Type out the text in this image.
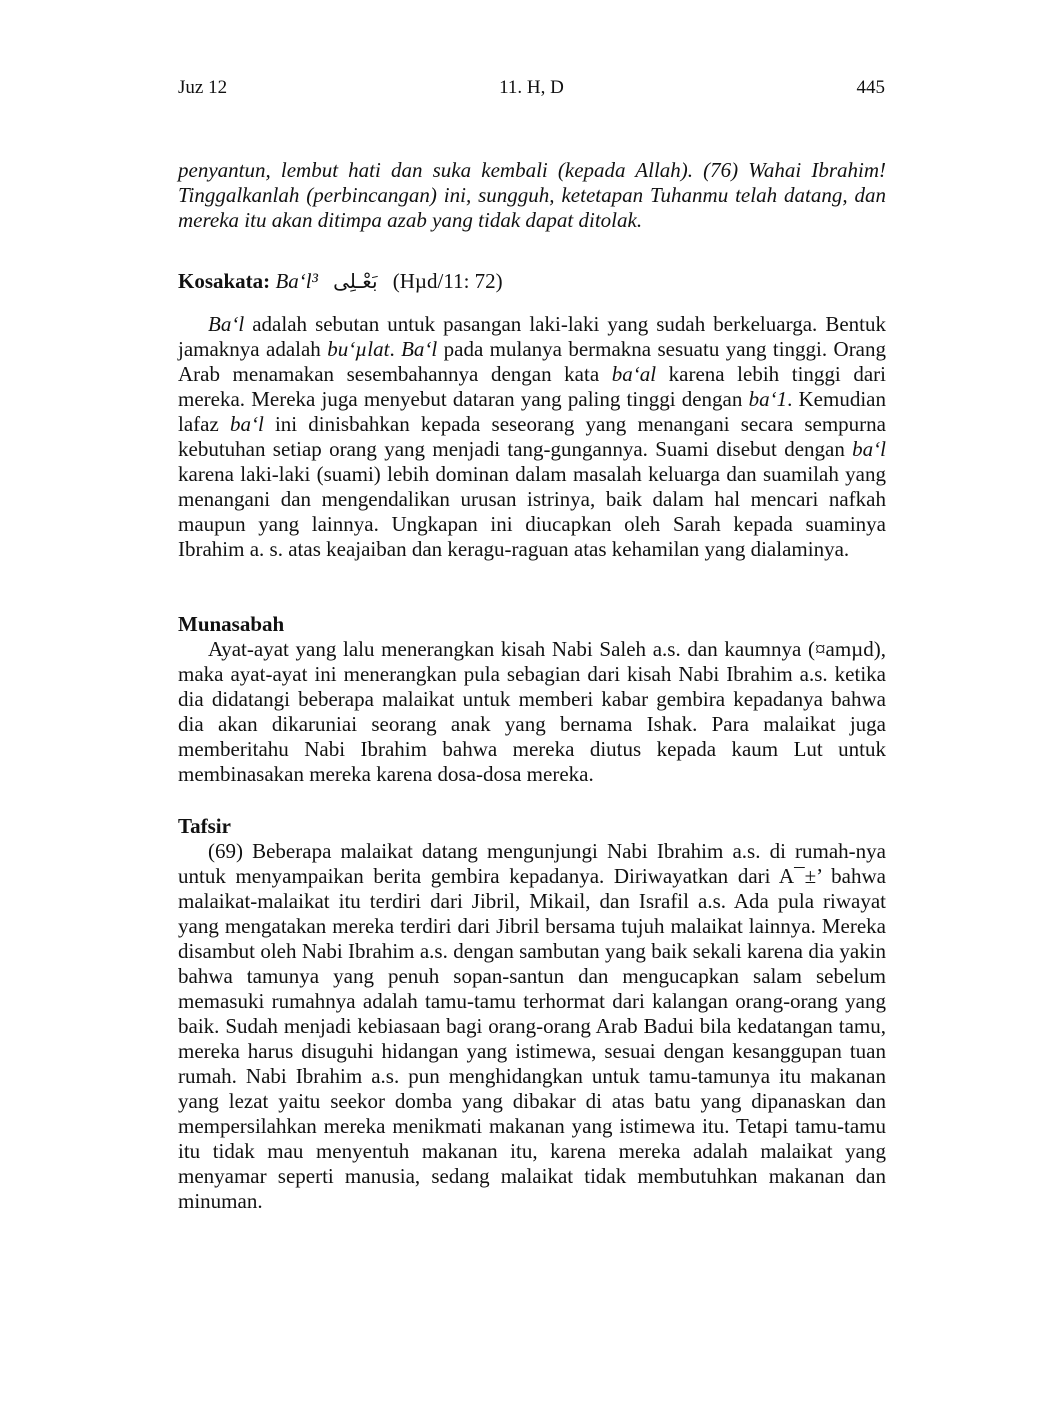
Juz 12	11. H, D	445

penyantun, lembut hati dan suka kembali (kepada Allah). (76) Wahai Ibrahim! Tinggalkanlah (perbincangan) ini, sungguh, ketetapan Tuhanmu telah datang, dan mereka itu akan ditimpa azab yang tidak dapat ditolak.

Kosakata: Ba‘l³ بَعْـلِى (Hµd/11: 72)

Ba‘l adalah sebutan untuk pasangan laki-laki yang sudah berkeluarga. Bentuk jamaknya adalah bu‘µlat. Ba‘l pada mulanya bermakna sesuatu yang tinggi. Orang Arab menamakan sesembahannya dengan kata ba‘al karena lebih tinggi dari mereka. Mereka juga menyebut dataran yang paling tinggi dengan ba‘1. Kemudian lafaz ba‘l ini dinisbahkan kepada seseorang yang menangani secara sempurna kebutuhan setiap orang yang menjadi tang-gungannya. Suami disebut dengan ba‘l karena laki-laki (suami) lebih dominan dalam masalah keluarga dan suamilah yang menangani dan mengendalikan urusan istrinya, baik dalam hal mencari nafkah maupun yang lainnya. Ungkapan ini diucapkan oleh Sarah kepada suaminya Ibrahim a. s. atas keajaiban dan keragu-raguan atas kehamilan yang dialaminya.

Munasabah

Ayat-ayat yang lalu menerangkan kisah Nabi Saleh a.s. dan kaumnya (¤amµd), maka ayat-ayat ini menerangkan pula sebagian dari kisah Nabi Ibrahim a.s. ketika dia didatangi beberapa malaikat untuk memberi kabar gembira kepadanya bahwa dia akan dikaruniai seorang anak yang bernama Ishak. Para malaikat juga memberitahu Nabi Ibrahim bahwa mereka diutus kepada kaum Lut untuk membinasakan mereka karena dosa-dosa mereka.

Tafsir

(69) Beberapa malaikat datang mengunjungi Nabi Ibrahim a.s. di rumah-nya untuk menyampaikan berita gembira kepadanya. Diriwayatkan dari A¯±’ bahwa malaikat-malaikat itu terdiri dari Jibril, Mikail, dan Israfil a.s. Ada pula riwayat yang mengatakan mereka terdiri dari Jibril bersama tujuh malaikat lainnya. Mereka disambut oleh Nabi Ibrahim a.s. dengan sambutan yang baik sekali karena dia yakin bahwa tamunya yang penuh sopan-santun dan mengucapkan salam sebelum memasuki rumahnya adalah tamu-tamu terhormat dari kalangan orang-orang yang baik. Sudah menjadi kebiasaan bagi orang-orang Arab Badui bila kedatangan tamu, mereka harus disuguhi hidangan yang istimewa, sesuai dengan kesanggupan tuan rumah. Nabi Ibrahim a.s. pun menghidangkan untuk tamu-tamunya itu makanan yang lezat yaitu seekor domba yang dibakar di atas batu yang dipanaskan dan mempersilahkan mereka menikmati makanan yang istimewa itu. Tetapi tamu-tamu itu tidak mau menyentuh makanan itu, karena mereka adalah malaikat yang menyamar seperti manusia, sedang malaikat tidak membutuhkan makanan dan minuman.
